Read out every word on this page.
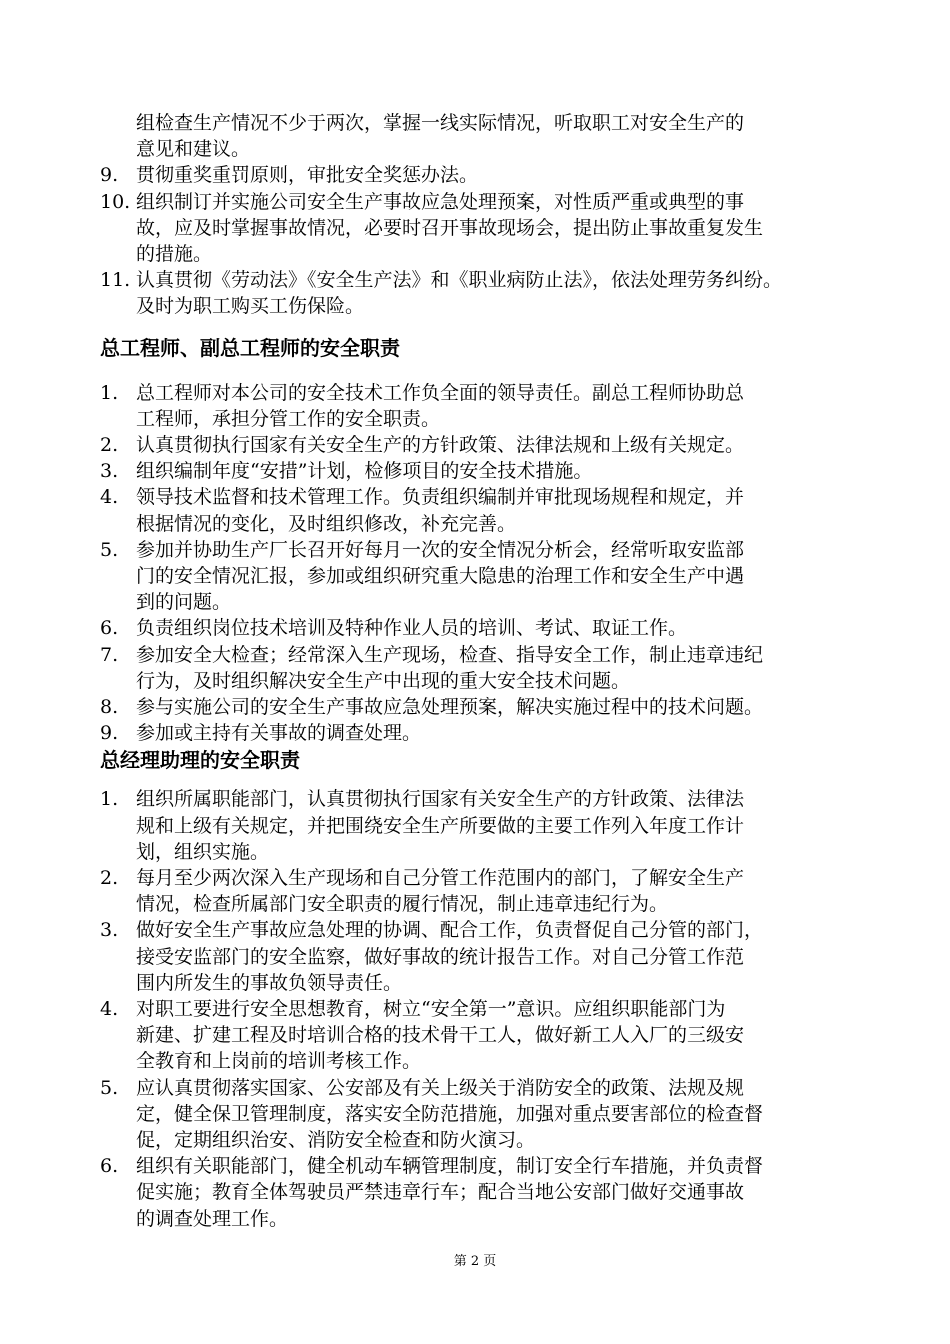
组检查生产情况不少于两次，掌握一线实际情况，听取职工对安全生产的
意见和建议。
9. 贯彻重奖重罚原则，审批安全奖惩办法。
10. 组织制订并实施公司安全生产事故应急处理预案，对性质严重或典型的事
故，应及时掌握事故情况，必要时召开事故现场会，提出防止事故重复发生
的措施。
11. 认真贯彻《劳动法》《安全生产法》和《职业病防止法》，依法处理劳务纠纷。
及时为职工购买工伤保险。
总工程师、副总工程师的安全职责
1. 总工程师对本公司的安全技术工作负全面的领导责任。副总工程师协助总
工程师，承担分管工作的安全职责。
2. 认真贯彻执行国家有关安全生产的方针政策、法律法规和上级有关规定。
3. 组织编制年度“安措”计划，检修项目的安全技术措施。
4. 领导技术监督和技术管理工作。负责组织编制并审批现场规程和规定，并
根据情况的变化，及时组织修改，补充完善。
5. 参加并协助生产厂长召开好每月一次的安全情况分析会，经常听取安监部
门的安全情况汇报，参加或组织研究重大隐患的治理工作和安全生产中遇
到的问题。
6. 负责组织岗位技术培训及特种作业人员的培训、考试、取证工作。
7. 参加安全大检查；经常深入生产现场，检查、指导安全工作，制止违章违纪
行为，及时组织解决安全生产中出现的重大安全技术问题。
8. 参与实施公司的安全生产事故应急处理预案，解决实施过程中的技术问题。
9. 参加或主持有关事故的调查处理。
总经理助理的安全职责
1. 组织所属职能部门，认真贯彻执行国家有关安全生产的方针政策、法律法
规和上级有关规定，并把围绕安全生产所要做的主要工作列入年度工作计
划，组织实施。
2. 每月至少两次深入生产现场和自己分管工作范围内的部门，了解安全生产
情况，检查所属部门安全职责的履行情况，制止违章违纪行为。
3. 做好安全生产事故应急处理的协调、配合工作，负责督促自己分管的部门，
接受安监部门的安全监察，做好事故的统计报告工作。对自己分管工作范
围内所发生的事故负领导责任。
4. 对职工要进行安全思想教育，树立“安全第一”意识。应组织职能部门为
新建、扩建工程及时培训合格的技术骨干工人，做好新工人入厂的三级安
全教育和上岗前的培训考核工作。
5. 应认真贯彻落实国家、公安部及有关上级关于消防安全的政策、法规及规
定，健全保卫管理制度，落实安全防范措施，加强对重点要害部位的检查督
促，定期组织治安、消防安全检查和防火演习。
6. 组织有关职能部门，健全机动车辆管理制度，制订安全行车措施，并负责督
促实施；教育全体驾驶员严禁违章行车；配合当地公安部门做好交通事故
的调查处理工作。
第 2 页
